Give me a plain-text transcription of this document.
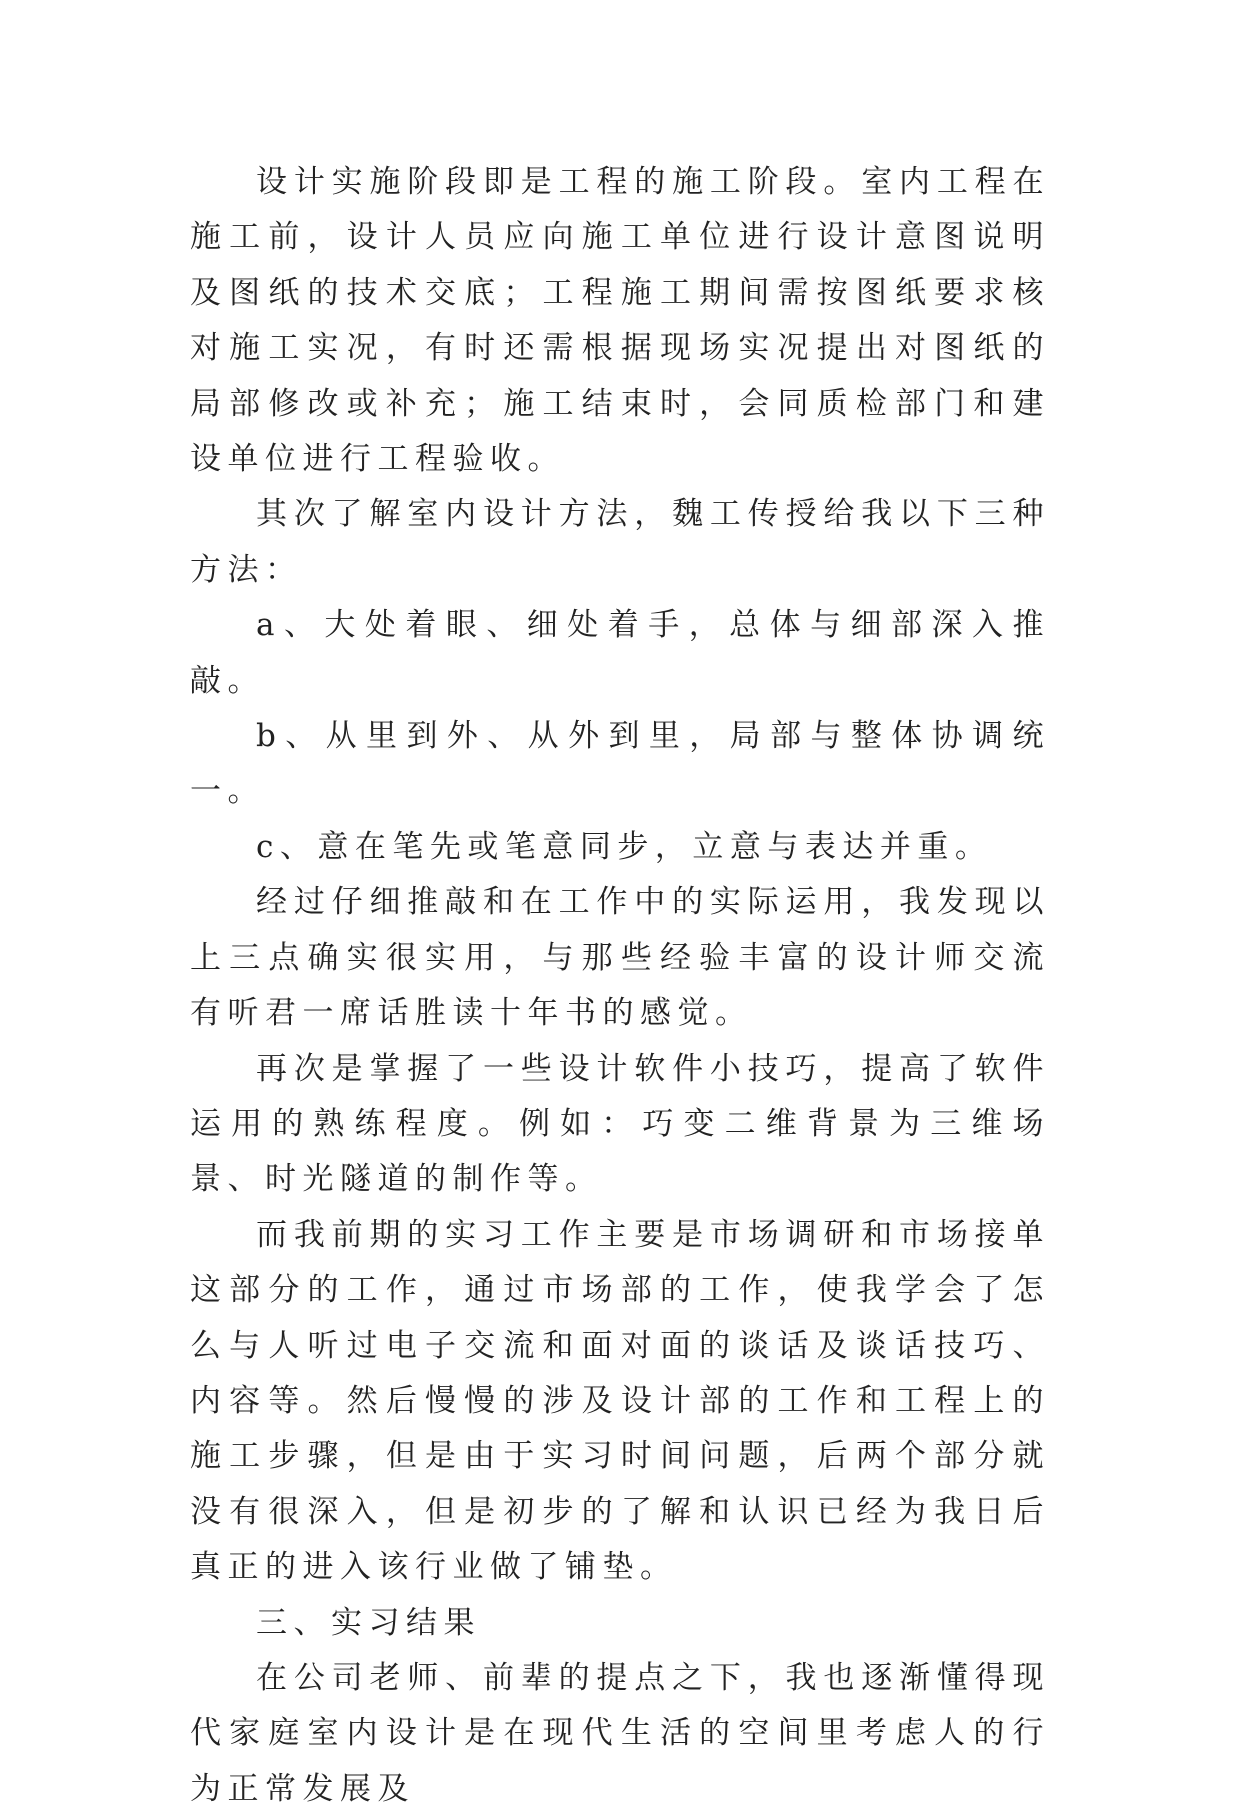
设计实施阶段即是工程的施工阶段。室内工程在施工前，设计人员应向施工单位进行设计意图说明及图纸的技术交底；工程施工期间需按图纸要求核对施工实况，有时还需根据现场实况提出对图纸的局部修改或补充；施工结束时，会同质检部门和建设单位进行工程验收。

其次了解室内设计方法，魏工传授给我以下三种方法：

a、大处着眼、细处着手，总体与细部深入推敲。

b、从里到外、从外到里，局部与整体协调统一。

c、意在笔先或笔意同步，立意与表达并重。

经过仔细推敲和在工作中的实际运用，我发现以上三点确实很实用，与那些经验丰富的设计师交流有听君一席话胜读十年书的感觉。

再次是掌握了一些设计软件小技巧，提高了软件运用的熟练程度。例如：巧变二维背景为三维场景、时光隧道的制作等。

而我前期的实习工作主要是市场调研和市场接单这部分的工作，通过市场部的工作，使我学会了怎么与人听过电子交流和面对面的谈话及谈话技巧、内容等。然后慢慢的涉及设计部的工作和工程上的施工步骤，但是由于实习时间问题，后两个部分就没有很深入，但是初步的了解和认识已经为我日后真正的进入该行业做了铺垫。

三、实习结果

在公司老师、前辈的提点之下，我也逐渐懂得现代家庭室内设计是在现代生活的空间里考虑人的行为正常发展及
